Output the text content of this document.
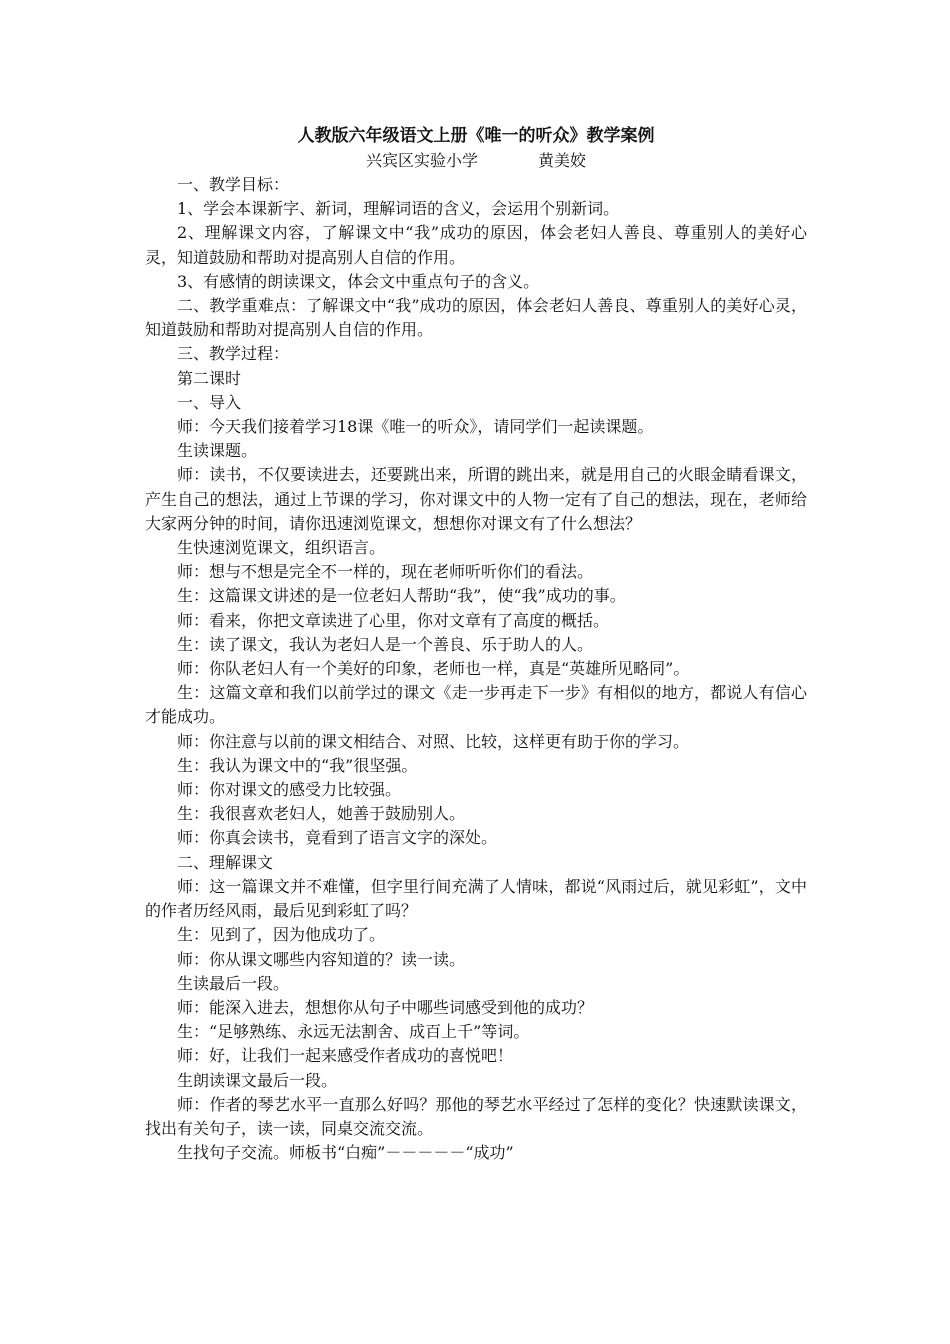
人教版六年级语文上册《唯一的听众》教学案例
兴宾区实验小学	黄美姣

一、教学目标：

1、学会本课新字、新词，理解词语的含义，会运用个别新词。

2、理解课文内容，了解课文中“我”成功的原因，体会老妇人善良、尊重别人的美好心灵，知道鼓励和帮助对提高别人自信的作用。

3、有感情的朗读课文，体会文中重点句子的含义。

二、教学重难点：了解课文中“我”成功的原因，体会老妇人善良、尊重别人的美好心灵，知道鼓励和帮助对提高别人自信的作用。

三、教学过程：

第二课时

一、导入

师：今天我们接着学习18课《唯一的听众》，请同学们一起读课题。

生读课题。

师：读书，不仅要读进去，还要跳出来，所谓的跳出来，就是用自己的火眼金睛看课文，产生自己的想法，通过上节课的学习，你对课文中的人物一定有了自己的想法，现在，老师给大家两分钟的时间，请你迅速浏览课文，想想你对课文有了什么想法？

生快速浏览课文，组织语言。

师：想与不想是完全不一样的，现在老师听听你们的看法。

生：这篇课文讲述的是一位老妇人帮助“我”，使“我”成功的事。

师：看来，你把文章读进了心里，你对文章有了高度的概括。

生：读了课文，我认为老妇人是一个善良、乐于助人的人。

师：你队老妇人有一个美好的印象，老师也一样，真是“英雄所见略同”。

生：这篇文章和我们以前学过的课文《走一步再走下一步》有相似的地方，都说人有信心才能成功。

师：你注意与以前的课文相结合、对照、比较，这样更有助于你的学习。

生：我认为课文中的“我”很坚强。

师：你对课文的感受力比较强。

生：我很喜欢老妇人，她善于鼓励别人。

师：你真会读书，竟看到了语言文字的深处。

二、理解课文

师：这一篇课文并不难懂，但字里行间充满了人情味，都说“风雨过后，就见彩虹”，文中的作者历经风雨，最后见到彩虹了吗？

生：见到了，因为他成功了。

师：你从课文哪些内容知道的？读一读。

生读最后一段。

师：能深入进去，想想你从句子中哪些词感受到他的成功？

生：“足够熟练、永远无法割舍、成百上千”等词。

师：好，让我们一起来感受作者成功的喜悦吧！

生朗读课文最后一段。

师：作者的琴艺水平一直那么好吗？那他的琴艺水平经过了怎样的变化？快速默读课文，找出有关句子，读一读，同桌交流交流。

生找句子交流。师板书“白痴”－－－－－“成功”
